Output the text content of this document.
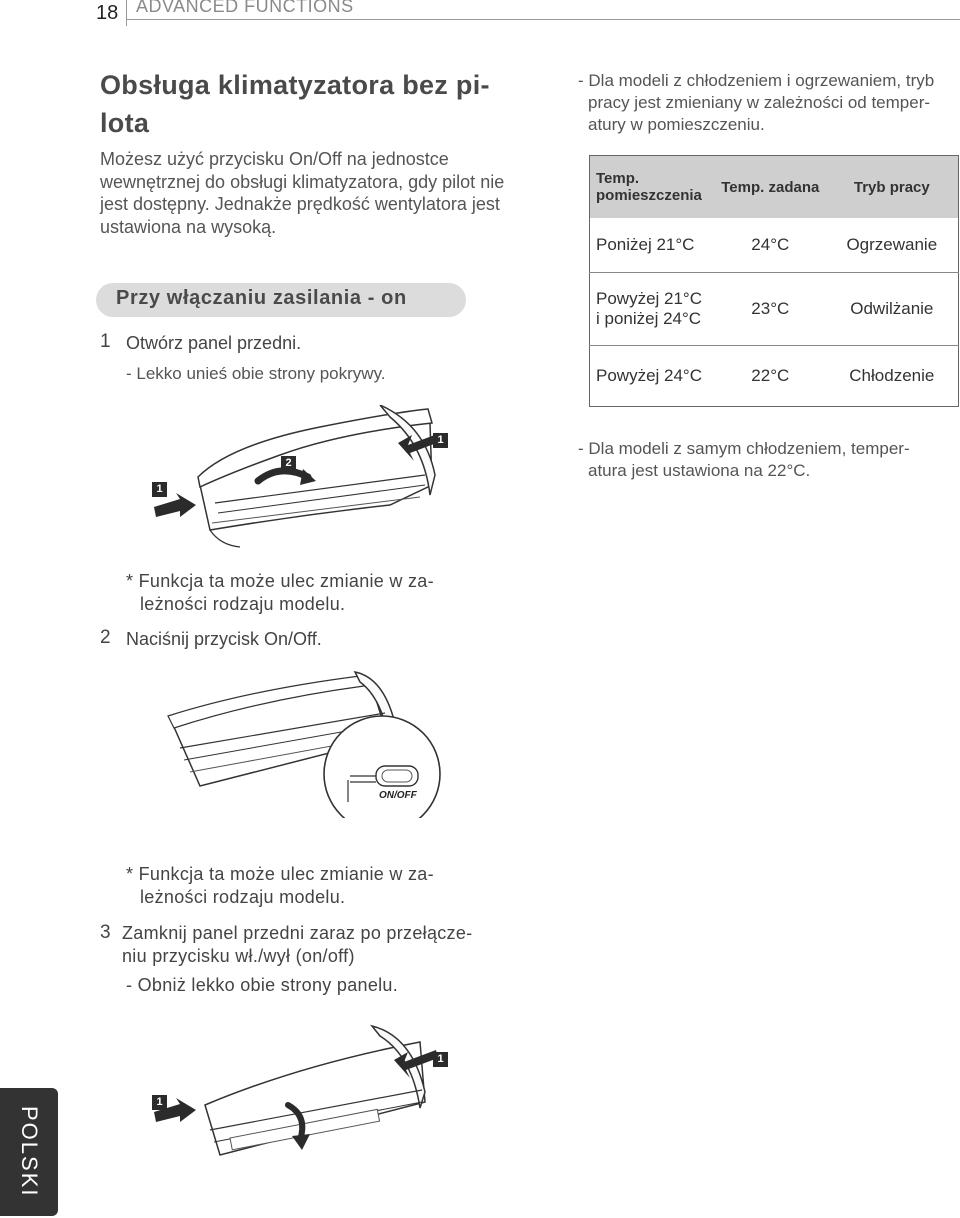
18 ADVANCED FUNCTIONS
Obsługa klimatyzatora bez pi-
lota
Możesz użyć przycisku On/Off na jednostce
wewnętrznej do obsługi klimatyzatora, gdy pilot nie
jest dostępny. Jednakże prędkość wentylatora jest
ustawiona na wysoką.
Przy włączaniu zasilania - on
1 Otwórz panel przedni.
- Lekko unieś obie strony pokrywy.
1
2
1
* Funkcja ta może ulec zmianie w za-
leżności rodzaju modelu.
2 Naciśnij przycisk On/Off.
ON/OFF
* Funkcja ta może ulec zmianie w za-
leżności rodzaju modelu.
3 Zamknij panel przedni zaraz po przełącze-
niu przycisku wł./wył (on/off)
- Obniż lekko obie strony panelu.
1
1
- Dla modeli z chłodzeniem i ogrzewaniem, tryb
pracy jest zmieniany w zależności od temper-
atury w pomieszczeniu.
Temp.
pomieszczenia	Temp. zadana	Tryb pracy
Poniżej 21°C	24°C	Ogrzewanie

Powyżej 21°C
i poniżej 24°C	23°C	Odwilżanie
Powyżej 24°C	22°C	Chłodzenie
- Dla modeli z samym chłodzeniem, temper-
atura jest ustawiona na 22°C.
POLSKI
